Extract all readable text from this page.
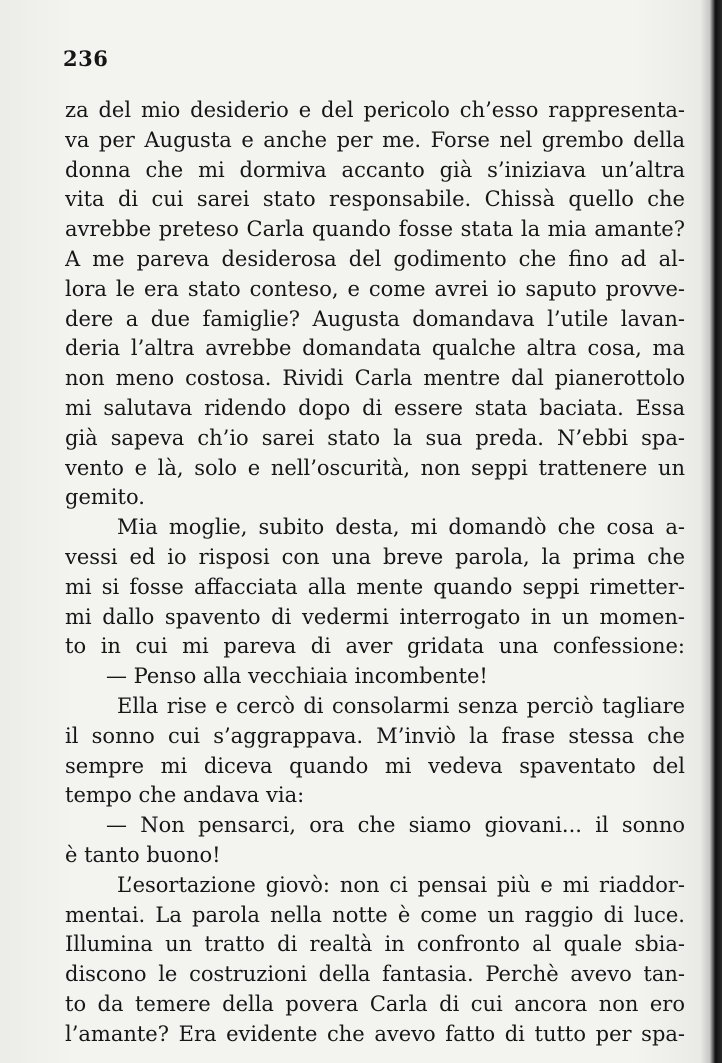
236
za del mio desiderio e del pericolo ch’esso rappresenta-
va per Augusta e anche per me. Forse nel grembo della
donna che mi dormiva accanto già s’iniziava un’altra
vita di cui sarei stato responsabile. Chissà quello che
avrebbe preteso Carla quando fosse stata la mia amante?
A me pareva desiderosa del godimento che fino ad al-
lora le era stato conteso, e come avrei io saputo provve-
dere a due famiglie? Augusta domandava l’utile lavan-
deria l’altra avrebbe domandata qualche altra cosa, ma
non meno costosa. Rividi Carla mentre dal pianerottolo
mi salutava ridendo dopo di essere stata baciata. Essa
già sapeva ch’io sarei stato la sua preda. N’ebbi spa-
vento e là, solo e nell’oscurità, non seppi trattenere un
gemito.
Mia moglie, subito desta, mi domandò che cosa a-
vessi ed io risposi con una breve parola, la prima che
mi si fosse affacciata alla mente quando seppi rimetter-
mi dallo spavento di vedermi interrogato in un momen-
to in cui mi pareva di aver gridata una confessione:
— Penso alla vecchiaia incombente!
Ella rise e cercò di consolarmi senza perciò tagliare
il sonno cui s’aggrappava. M’inviò la frase stessa che
sempre mi diceva quando mi vedeva spaventato del
tempo che andava via:
— Non pensarci, ora che siamo giovani... il sonno
è tanto buono!
L’esortazione giovò: non ci pensai più e mi riaddor-
mentai. La parola nella notte è come un raggio di luce.
Illumina un tratto di realtà in confronto al quale sbia-
discono le costruzioni della fantasia. Perchè avevo tan-
to da temere della povera Carla di cui ancora non ero
l’amante? Era evidente che avevo fatto di tutto per spa-
